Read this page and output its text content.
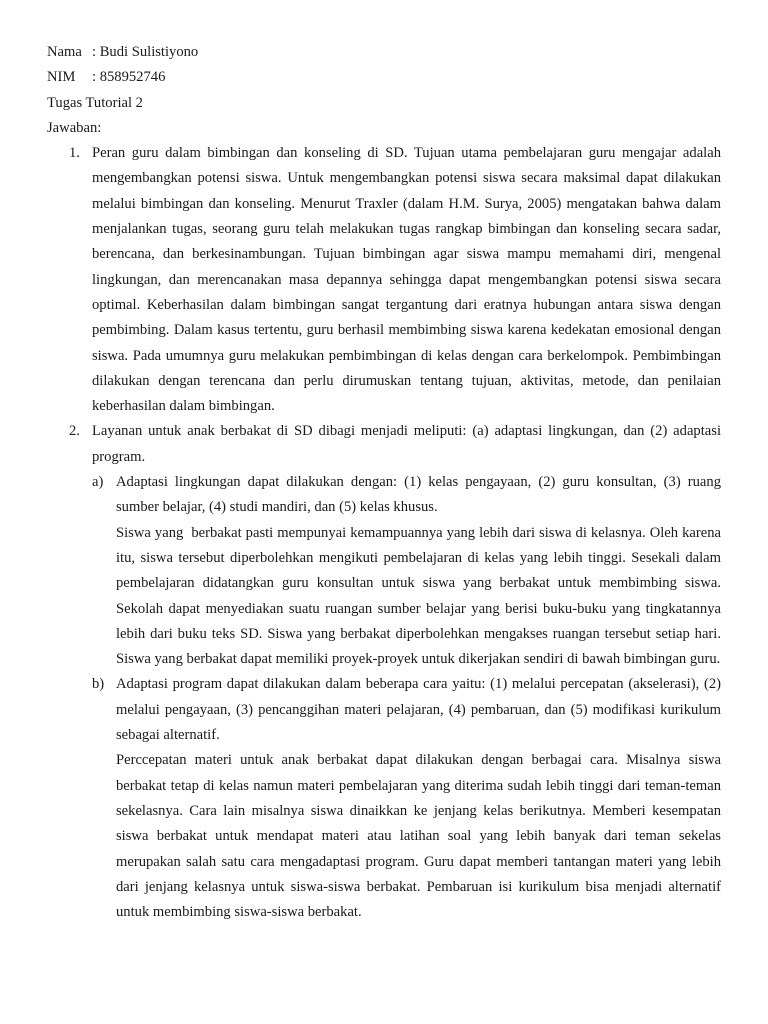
Nama : Budi Sulistiyono
NIM : 858952746
Tugas Tutorial 2
Jawaban:
1. Peran guru dalam bimbingan dan konseling di SD. Tujuan utama pembelajaran guru mengajar adalah mengembangkan potensi siswa. Untuk mengembangkan potensi siswa secara maksimal dapat dilakukan melalui bimbingan dan konseling. Menurut Traxler (dalam H.M. Surya, 2005) mengatakan bahwa dalam menjalankan tugas, seorang guru telah melakukan tugas rangkap bimbingan dan konseling secara sadar, berencana, dan berkesinambungan. Tujuan bimbingan agar siswa mampu memahami diri, mengenal lingkungan, dan merencanakan masa depannya sehingga dapat mengembangkan potensi siswa secara optimal. Keberhasilan dalam bimbingan sangat tergantung dari eratnya hubungan antara siswa dengan pembimbing. Dalam kasus tertentu, guru berhasil membimbing siswa karena kedekatan emosional dengan siswa. Pada umumnya guru melakukan pembimbingan di kelas dengan cara berkelompok. Pembimbingan dilakukan dengan terencana dan perlu dirumuskan tentang tujuan, aktivitas, metode, dan penilaian keberhasilan dalam bimbingan.

2. Layanan untuk anak berbakat di SD dibagi menjadi meliputi: (a) adaptasi lingkungan, dan (2) adaptasi program.

a) Adaptasi lingkungan dapat dilakukan dengan: (1) kelas pengayaan, (2) guru konsultan, (3) ruang sumber belajar, (4) studi mandiri, dan (5) kelas khusus.

Siswa yang  berbakat pasti mempunyai kemampuannya yang lebih dari siswa di kelasnya. Oleh karena itu, siswa tersebut diperbolehkan mengikuti pembelajaran di kelas yang lebih tinggi. Sesekali dalam pembelajaran didatangkan guru konsultan untuk siswa yang berbakat untuk membimbing siswa. Sekolah dapat menyediakan suatu ruangan sumber belajar yang berisi buku-buku yang tingkatannya lebih dari buku teks SD. Siswa yang berbakat diperbolehkan mengakses ruangan tersebut setiap hari. Siswa yang berbakat dapat memiliki proyek-proyek untuk dikerjakan sendiri di bawah bimbingan guru.

b) Adaptasi program dapat dilakukan dalam beberapa cara yaitu: (1) melalui percepatan (akselerasi), (2) melalui pengayaan, (3) pencanggihan materi pelajaran, (4) pembaruan, dan (5) modifikasi kurikulum sebagai alternatif.

Perccepatan materi untuk anak berbakat dapat dilakukan dengan berbagai cara. Misalnya siswa berbakat tetap di kelas namun materi pembelajaran yang diterima sudah lebih tinggi dari teman-teman sekelasnya. Cara lain misalnya siswa dinaikkan ke jenjang kelas berikutnya. Memberi kesempatan siswa berbakat untuk mendapat materi atau latihan soal yang lebih banyak dari teman sekelas merupakan salah satu cara mengadaptasi program. Guru dapat memberi tantangan materi yang lebih dari jenjang kelasnya untuk siswa-siswa berbakat. Pembaruan isi kurikulum bisa menjadi alternatif untuk membimbing siswa-siswa berbakat.
